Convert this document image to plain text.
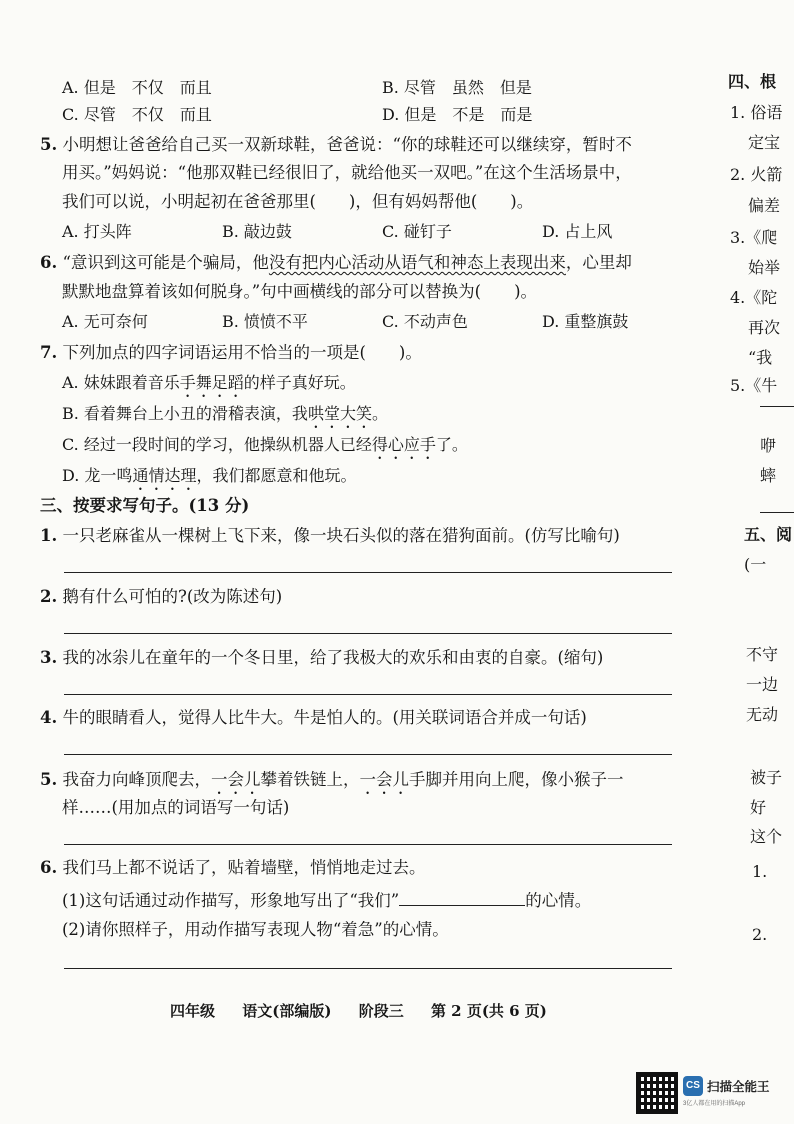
A. 但是　不仅　而且	B. 尽管　虽然　但是
C. 尽管　不仅　而且	D. 但是　不是　而是
5. 小明想让爸爸给自己买一双新球鞋，爸爸说：“你的球鞋还可以继续穿，暂时不
用买。”妈妈说：“他那双鞋已经很旧了，就给他买一双吧。”在这个生活场景中，
我们可以说，小明起初在爸爸那里(　　)，但有妈妈帮他(　　)。
A. 打头阵	B. 敲边鼓	C. 碰钉子	D. 占上风
6. “意识到这可能是个骗局，他没有把内心活动从语气和神态上表现出来，心里却
默默地盘算着该如何脱身。”句中画横线的部分可以替换为(　　)。
A. 无可奈何	B. 愤愤不平	C. 不动声色	D. 重整旗鼓
7. 下列加点的四字词语运用不恰当的一项是(　　)。
A. 妹妹跟着音乐手舞足蹈的样子真好玩。
B. 看着舞台上小丑的滑稽表演，我哄堂大笑。
C. 经过一段时间的学习，他操纵机器人已经得心应手了。
D. 龙一鸣通情达理，我们都愿意和他玩。
三、按要求写句子。(13 分)
1. 一只老麻雀从一棵树上飞下来，像一块石头似的落在猎狗面前。(仿写比喻句)
2. 鹅有什么可怕的?(改为陈述句)
3. 我的冰尜儿在童年的一个冬日里，给了我极大的欢乐和由衷的自豪。(缩句)
4. 牛的眼睛看人，觉得人比牛大。牛是怕人的。(用关联词语合并成一句话)
5. 我奋力向峰顶爬去，一会儿攀着铁链上，一会儿手脚并用向上爬，像小猴子一
样……(用加点的词语写一句话)
6. 我们马上都不说话了，贴着墙壁，悄悄地走过去。
(1)这句话通过动作描写，形象地写出了“我们”	的心情。
(2)请你照样子，用动作描写表现人物“着急”的心情。
四年级 语文(部编版) 阶段三 第 2 页(共 6 页)
四、根
1. 俗语
定宝
2. 火箭
偏差
3.《爬
始举
4.《陀
再次
“我
5.《牛
咿
蟀
五、阅
(一
不守
一边
无动
被子
好
这个
1.
2.
CS 扫描全能王
3亿人都在用的扫描App
